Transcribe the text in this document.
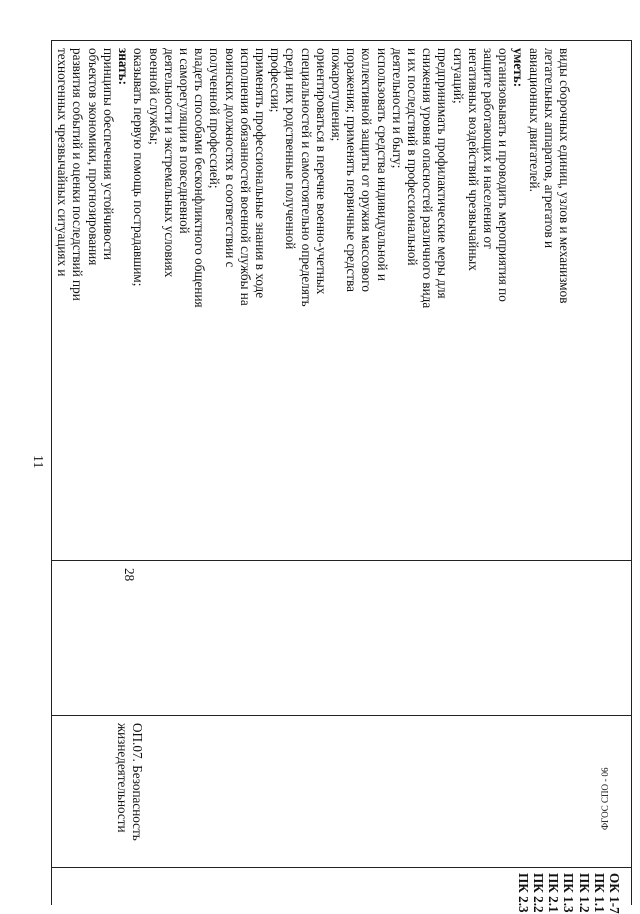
виды сборочных единиц, узлов и механизмов
летательных аппаратов, агрегатов и
авиационных двигателей.
уметь:
организовывать и проводить мероприятия по
защите работающих и населения от
негативных воздействий чрезвычайных
ситуаций;
предпринимать профилактические меры для
снижения уровня опасностей различного вида
и их последствий в профессиональной
деятельности и быту;
использовать средства индивидуальной и
коллективной защиты от оружия массового
поражения; применять первичные средства
пожаротушения;
ориентироваться в перечне военно-учетных
специальностей и самостоятельно определять
среди них родственные полученной
профессии;
применять профессиональные знания в ходе
исполнения обязанностей военной службы на
воинских должностях в соответствии с
полученной профессией;
владеть способами бесконфликтного общения
и саморегуляции в повседневной
деятельности и экстремальных условиях
военной службы;
оказывать первую помощь пострадавшим;
знать:
принципы обеспечения устойчивости
объектов экономики, прогнозирования
развития событий и оценки последствий при
техногенных чрезвычайных ситуациях и
28
ОП.07. Безопасность
жизнедеятельности
ОК 1-7
ПК 1.1
ПК 1.2
ПК 1.3
ПК 2.1
ПК 2.2
ПК 2.3
11
ФГОС СПО - 06
